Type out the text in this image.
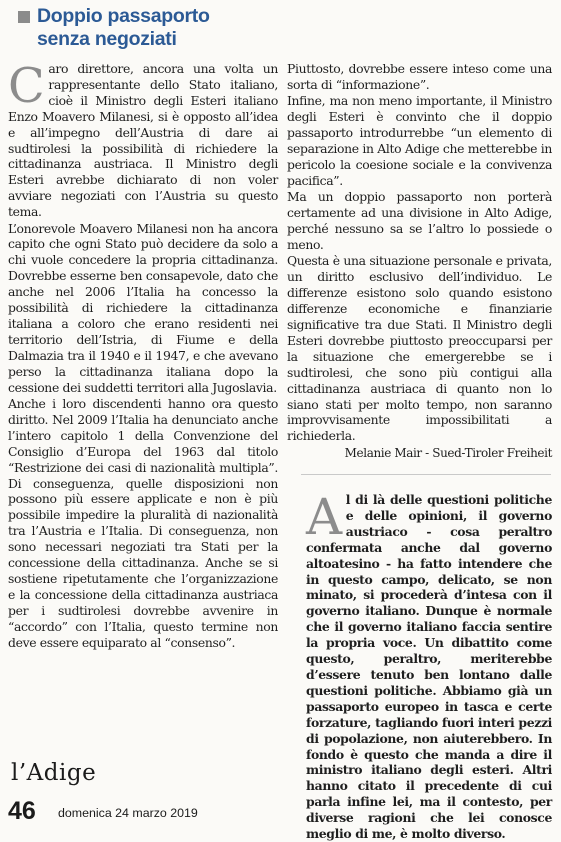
Doppio passaporto
senza negoziati

Caro direttore, ancora una volta un rappresentante dello Stato italiano, cioè il Ministro degli Esteri italiano Enzo Moavero Milanesi, si è opposto all’idea e all’impegno dell’Austria di dare ai sudtirolesi la possibilità di richiedere la cittadinanza austriaca. Il Ministro degli Esteri avrebbe dichiarato di non voler avviare negoziati con l’Austria su questo tema.

L’onorevole Moavero Milanesi non ha ancora capito che ogni Stato può decidere da solo a chi vuole concedere la propria cittadinanza. Dovrebbe esserne ben consapevole, dato che anche nel 2006 l’Italia ha concesso la possibilità di richiedere la cittadinanza italiana a coloro che erano residenti nei territorio dell’Istria, di Fiume e della Dalmazia tra il 1940 e il 1947, e che avevano perso la cittadinanza italiana dopo la cessione dei suddetti territori alla Jugoslavia.

Anche i loro discendenti hanno ora questo diritto. Nel 2009 l’Italia ha denunciato anche l’intero capitolo 1 della Convenzione del Consiglio d’Europa del 1963 dal titolo “Restrizione dei casi di nazionalità multipla”. Di conseguenza, quelle disposizioni non possono più essere applicate e non è più possibile impedire la pluralità di nazionalità tra l’Austria e l’Italia. Di conseguenza, non sono necessari negoziati tra Stati per la concessione della cittadinanza. Anche se si sostiene ripetutamente che l’organizzazione e la concessione della cittadinanza austriaca per i sudtirolesi dovrebbe avvenire in “accordo” con l’Italia, questo termine non deve essere equiparato al “consenso”.

Piuttosto, dovrebbe essere inteso come una sorta di “informazione”.

Infine, ma non meno importante, il Ministro degli Esteri è convinto che il doppio passaporto introdurrebbe “un elemento di separazione in Alto Adige che metterebbe in pericolo la coesione sociale e la convivenza pacifica”.

Ma un doppio passaporto non porterà certamente ad una divisione in Alto Adige, perché nessuno sa se l’altro lo possiede o meno.

Questa è una situazione personale e privata, un diritto esclusivo dell’individuo. Le differenze esistono solo quando esistono differenze economiche e finanziarie significative tra due Stati. Il Ministro degli Esteri dovrebbe piuttosto preoccuparsi per la situazione che emergerebbe se i sudtirolesi, che sono più contigui alla cittadinanza austriaca di quanto non lo siano stati per molto tempo, non saranno improvvisamente impossibilitati a richiederla.

Melanie Mair - Sued-Tiroler Freiheit

Al di là delle questioni politiche e delle opinioni, il governo austriaco - cosa peraltro confermata anche dal governo altoatesino - ha fatto intendere che in questo campo, delicato, se non minato, si procederà d’intesa con il governo italiano. Dunque è normale che il governo italiano faccia sentire la propria voce. Un dibattito come questo, peraltro, meriterebbe d’essere tenuto ben lontano dalle questioni politiche. Abbiamo già un passaporto europeo in tasca e certe forzature, tagliando fuori interi pezzi di popolazione, non aiuterebbero. In fondo è questo che manda a dire il ministro italiano degli esteri. Altri hanno citato il precedente di cui parla infine lei, ma il contesto, per diverse ragioni che lei conosce meglio di me, è molto diverso.

l’Adige
46 domenica 24 marzo 2019
